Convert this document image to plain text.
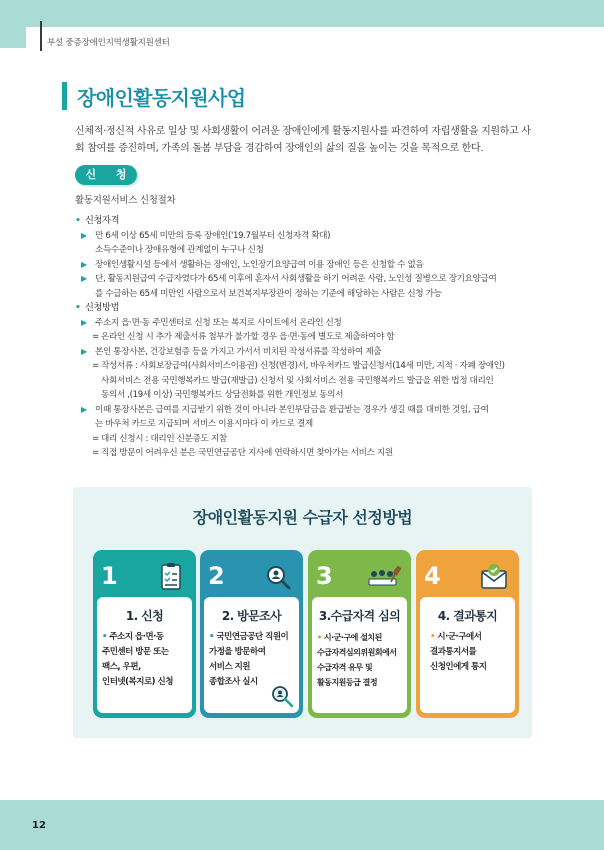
부설 중증장애인지역생활지원센터
장애인활동지원사업
신체적·정신적 사유로 일상 및 사회생활이 어려운 장애인에게 활동지원사를 파견하여 자립생활을 지원하고 사회 참여를 증진하며, 가족의 돌봄 부담을 경감하여 장애인의 삶의 질을 높이는 것을 목적으로 한다.
신 청
활동지원서비스 신청절차
• 신청자격
▶ 만 6세 이상 65세 미만의 등록 장애인('19.7월부터 신청자격 확대)
소득수준이나 장애유형에 관계없이 누구나 신청
▶ 장애인생활시설 등에서 생활하는 장애인, 노인장기요양급여 이용 장애인 등은 신청할 수 없음
▶ 단, 활동지원급여 수급자였다가 65세 이후에 혼자서 사회생활을 하기 어려운 사람, 노인성 질병으로 장기요양급여
를 수급하는 65세 미만인 사람으로서 보건복지부장관이 정하는 기준에 해당하는 사람은 신청 가능
• 신청방법
▶ 주소지 읍·면·동 주민센터로 신청 또는 복지로 사이트에서 온라인 신청
= 온라인 신청 시 추가 제출서류 첨부가 불가할 경우 읍·면·동에 별도로 제출하여야 함
▶ 본인 통장사본, 건강보험증 등을 가지고 가서서 비치된 작성서류를 작성하여 제출
= 작성서류 : 사회보장급여(사회서비스이용권) 신청(변경)서, 바우처카드 발급신청서(14세 미만, 지적 · 자폐 장애인)
사회서비스 전용 국민행복카드 발급(재발급) 신청서 및 사회서비스 전용 국민행복카드 발급을 위한 법정 대리인
동의서 ,(19세 이상) 국민행복카드 상담전화를 위한 개인정보 동의서
▶ 이때 통장사본은 급여를 지급받기 위한 것이 아니라 본인부담금을 환급받는 경우가 생길 때를 대비한 것임, 급여
는 바우처 카드로 지급되며 서비스 이용시마다 이 카드로 결제
= 대리 신청시 : 대리인 신분증도 지참
= 직접 방문이 어려우신 분은 국민연금공단 지사에 연락하시면 찾아가는 서비스 지원
장애인활동지원 수급자 선정방법
1
1. 신청
• 주소지 읍·면·동
주민센터 방문 또는
팩스, 우편,
인터넷(복지로) 신청
2
2. 방문조사
• 국민연금공단 직원이
가정을 방문하여
서비스 지원
종합조사 실시
3
3.수급자격 심의
• 시·군·구에 설치된
수급자격심의위원회에서
수급자격 유무 및
활동지원등급 결정
4
4. 결과통지
• 시·군·구에서
결과통지서를
신청인에게 통지
12
